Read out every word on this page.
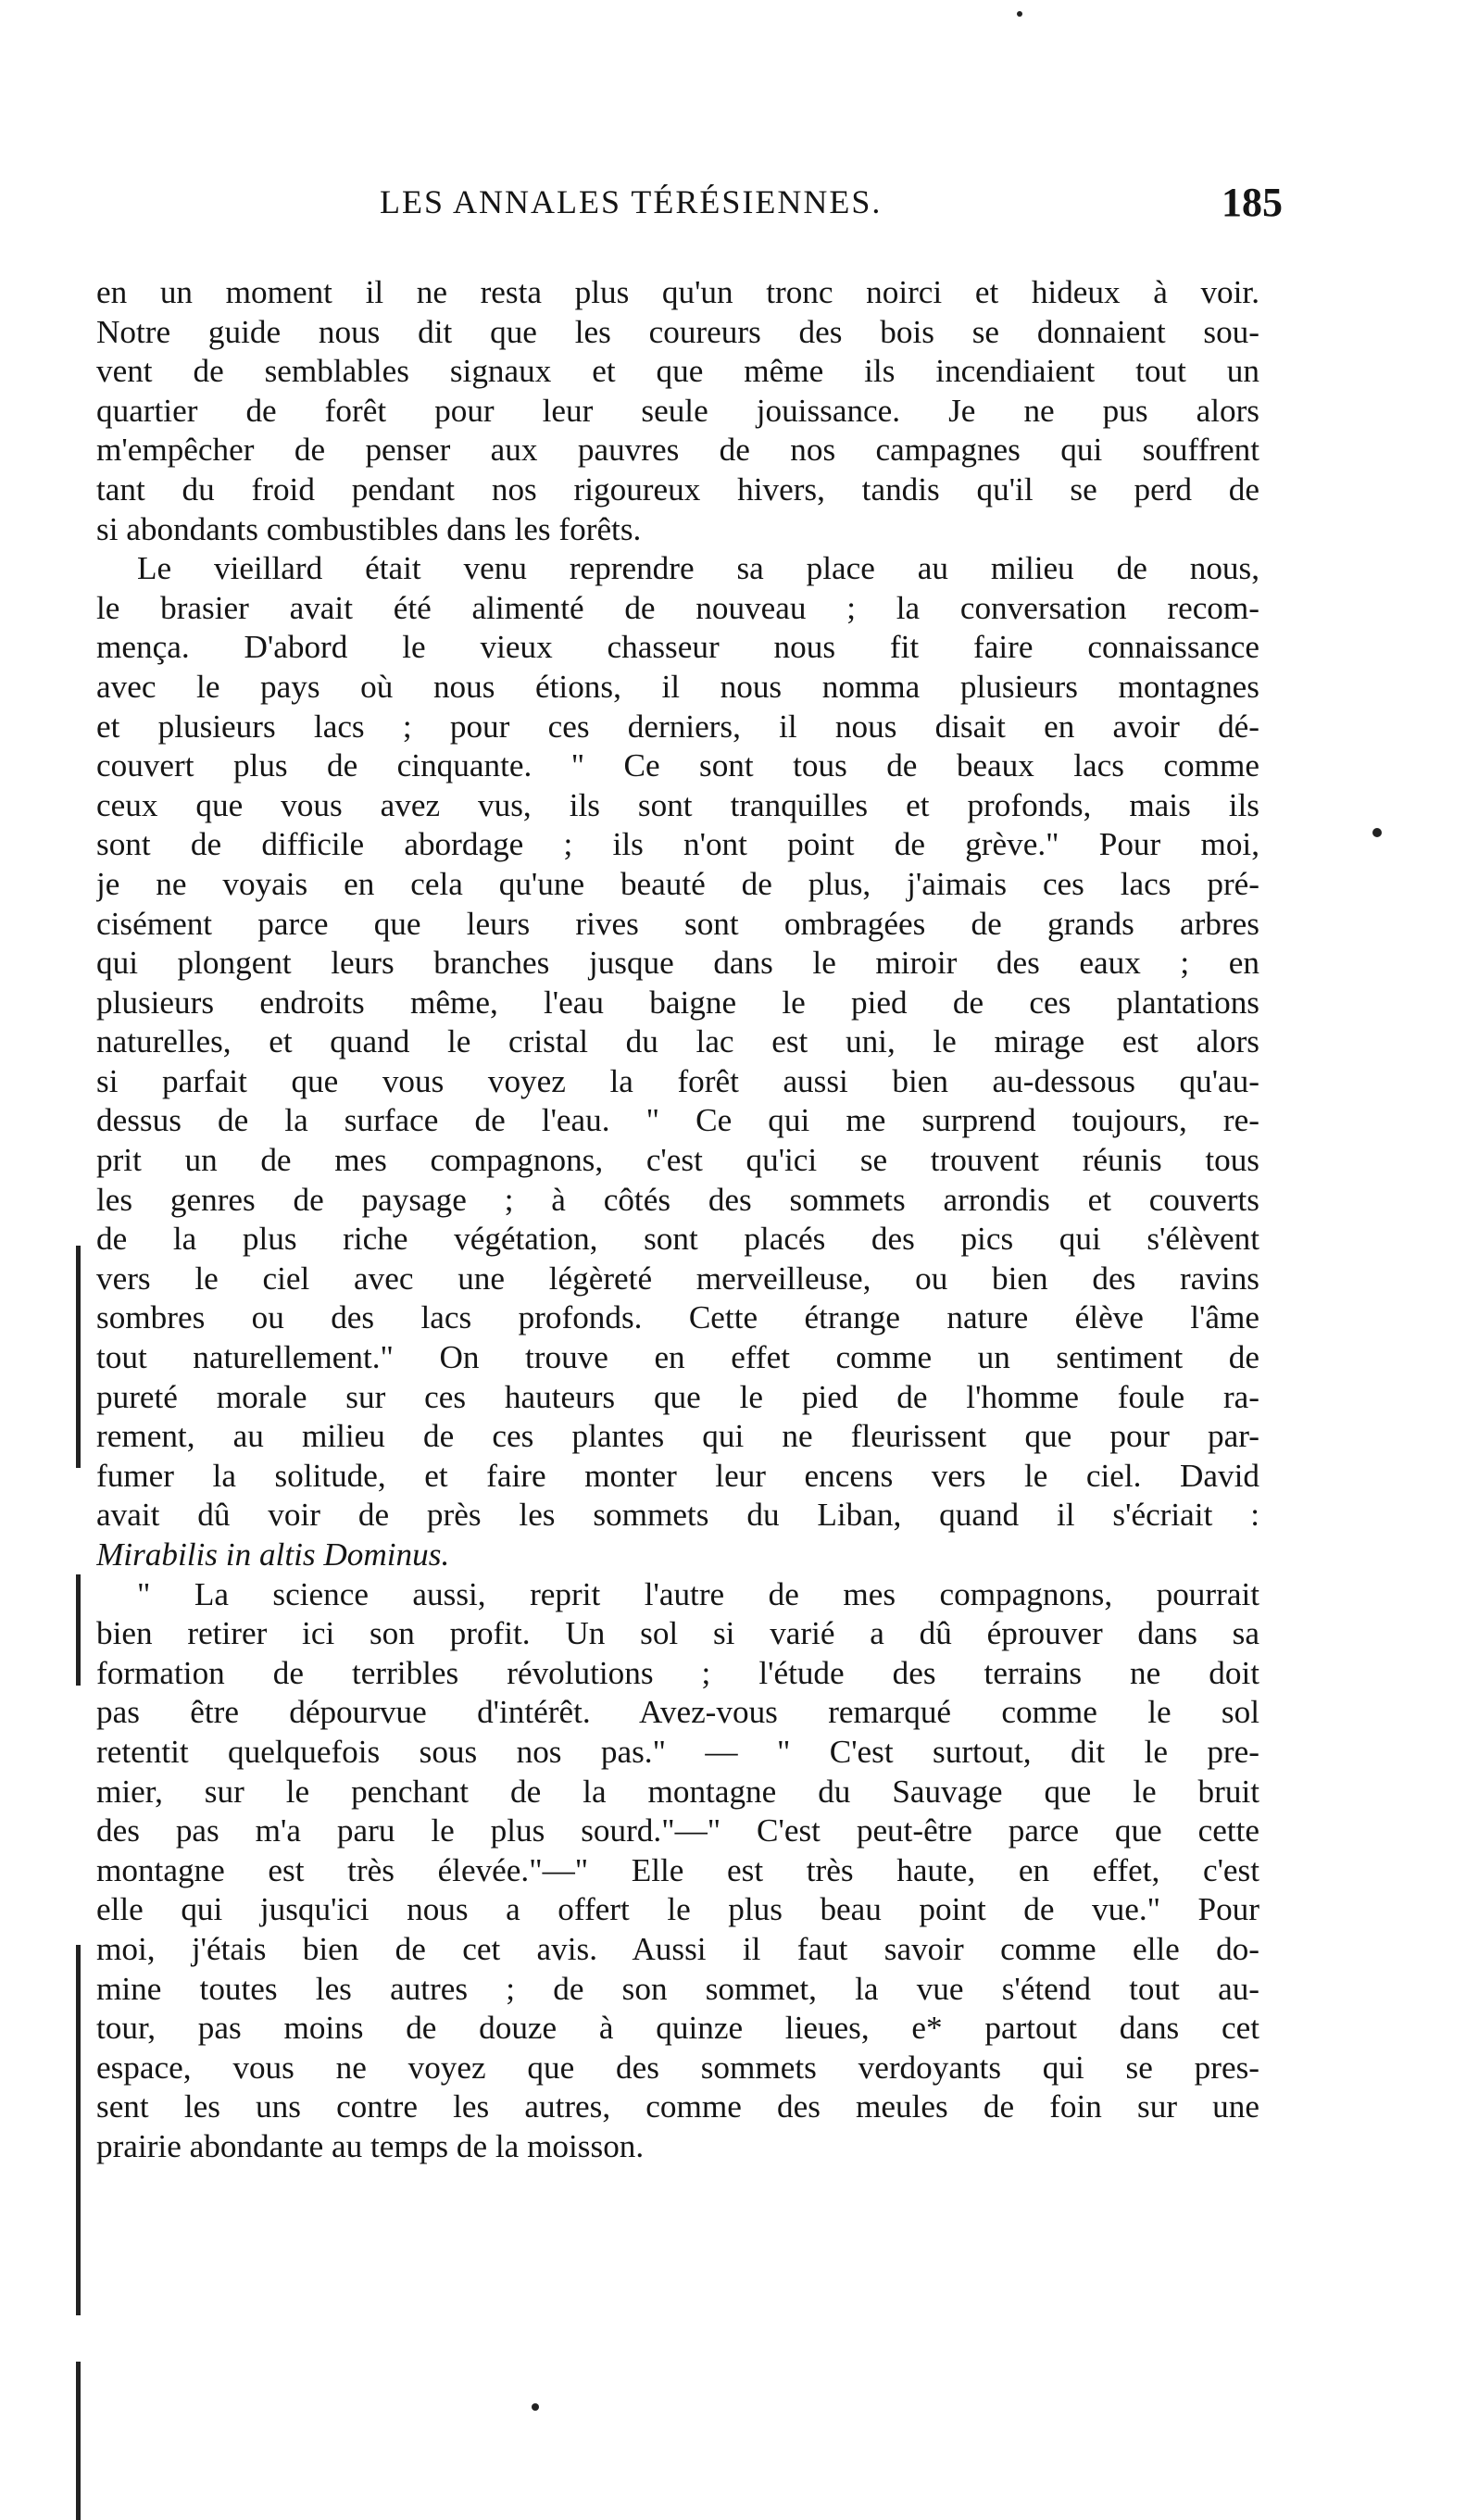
LES ANNALES TÉRÉSIENNES.	185
en un moment il ne resta plus qu'un tronc noirci et hideux à voir.
Notre guide nous dit que les coureurs des bois se donnaient sou-
vent de semblables signaux et que même ils incendiaient tout un
quartier de forêt pour leur seule jouissance. Je ne pus alors
m'empêcher de penser aux pauvres de nos campagnes qui souffrent
tant du froid pendant nos rigoureux hivers, tandis qu'il se perd de
si abondants combustibles dans les forêts.
Le vieillard était venu reprendre sa place au milieu de nous,
le brasier avait été alimenté de nouveau ; la conversation recom-
mença. D'abord le vieux chasseur nous fit faire connaissance
avec le pays où nous étions, il nous nomma plusieurs montagnes
et plusieurs lacs ; pour ces derniers, il nous disait en avoir dé-
couvert plus de cinquante. " Ce sont tous de beaux lacs comme
ceux que vous avez vus, ils sont tranquilles et profonds, mais ils
sont de difficile abordage ; ils n'ont point de grève." Pour moi,
je ne voyais en cela qu'une beauté de plus, j'aimais ces lacs pré-
cisément parce que leurs rives sont ombragées de grands arbres
qui plongent leurs branches jusque dans le miroir des eaux ; en
plusieurs endroits même, l'eau baigne le pied de ces plantations
naturelles, et quand le cristal du lac est uni, le mirage est alors
si parfait que vous voyez la forêt aussi bien au-dessous qu'au-
dessus de la surface de l'eau. " Ce qui me surprend toujours, re-
prit un de mes compagnons, c'est qu'ici se trouvent réunis tous
les genres de paysage ; à côtés des sommets arrondis et couverts
de la plus riche végétation, sont placés des pics qui s'élèvent
vers le ciel avec une légèreté merveilleuse, ou bien des ravins
sombres ou des lacs profonds. Cette étrange nature élève l'âme
tout naturellement." On trouve en effet comme un sentiment de
pureté morale sur ces hauteurs que le pied de l'homme foule ra-
rement, au milieu de ces plantes qui ne fleurissent que pour par-
fumer la solitude, et faire monter leur encens vers le ciel. David
avait dû voir de près les sommets du Liban, quand il s'écriait :
Mirabilis in altis Dominus.
" La science aussi, reprit l'autre de mes compagnons, pourrait
bien retirer ici son profit. Un sol si varié a dû éprouver dans sa
formation de terribles révolutions ; l'étude des terrains ne doit
pas être dépourvue d'intérêt. Avez-vous remarqué comme le sol
retentit quelquefois sous nos pas." — " C'est surtout, dit le pre-
mier, sur le penchant de la montagne du Sauvage que le bruit
des pas m'a paru le plus sourd."—" C'est peut-être parce que cette
montagne est très élevée."—" Elle est très haute, en effet, c'est
elle qui jusqu'ici nous a offert le plus beau point de vue." Pour
moi, j'étais bien de cet avis. Aussi il faut savoir comme elle do-
mine toutes les autres ; de son sommet, la vue s'étend tout au-
tour, pas moins de douze à quinze lieues, e* partout dans cet
espace, vous ne voyez que des sommets verdoyants qui se pres-
sent les uns contre les autres, comme des meules de foin sur une
prairie abondante au temps de la moisson.
